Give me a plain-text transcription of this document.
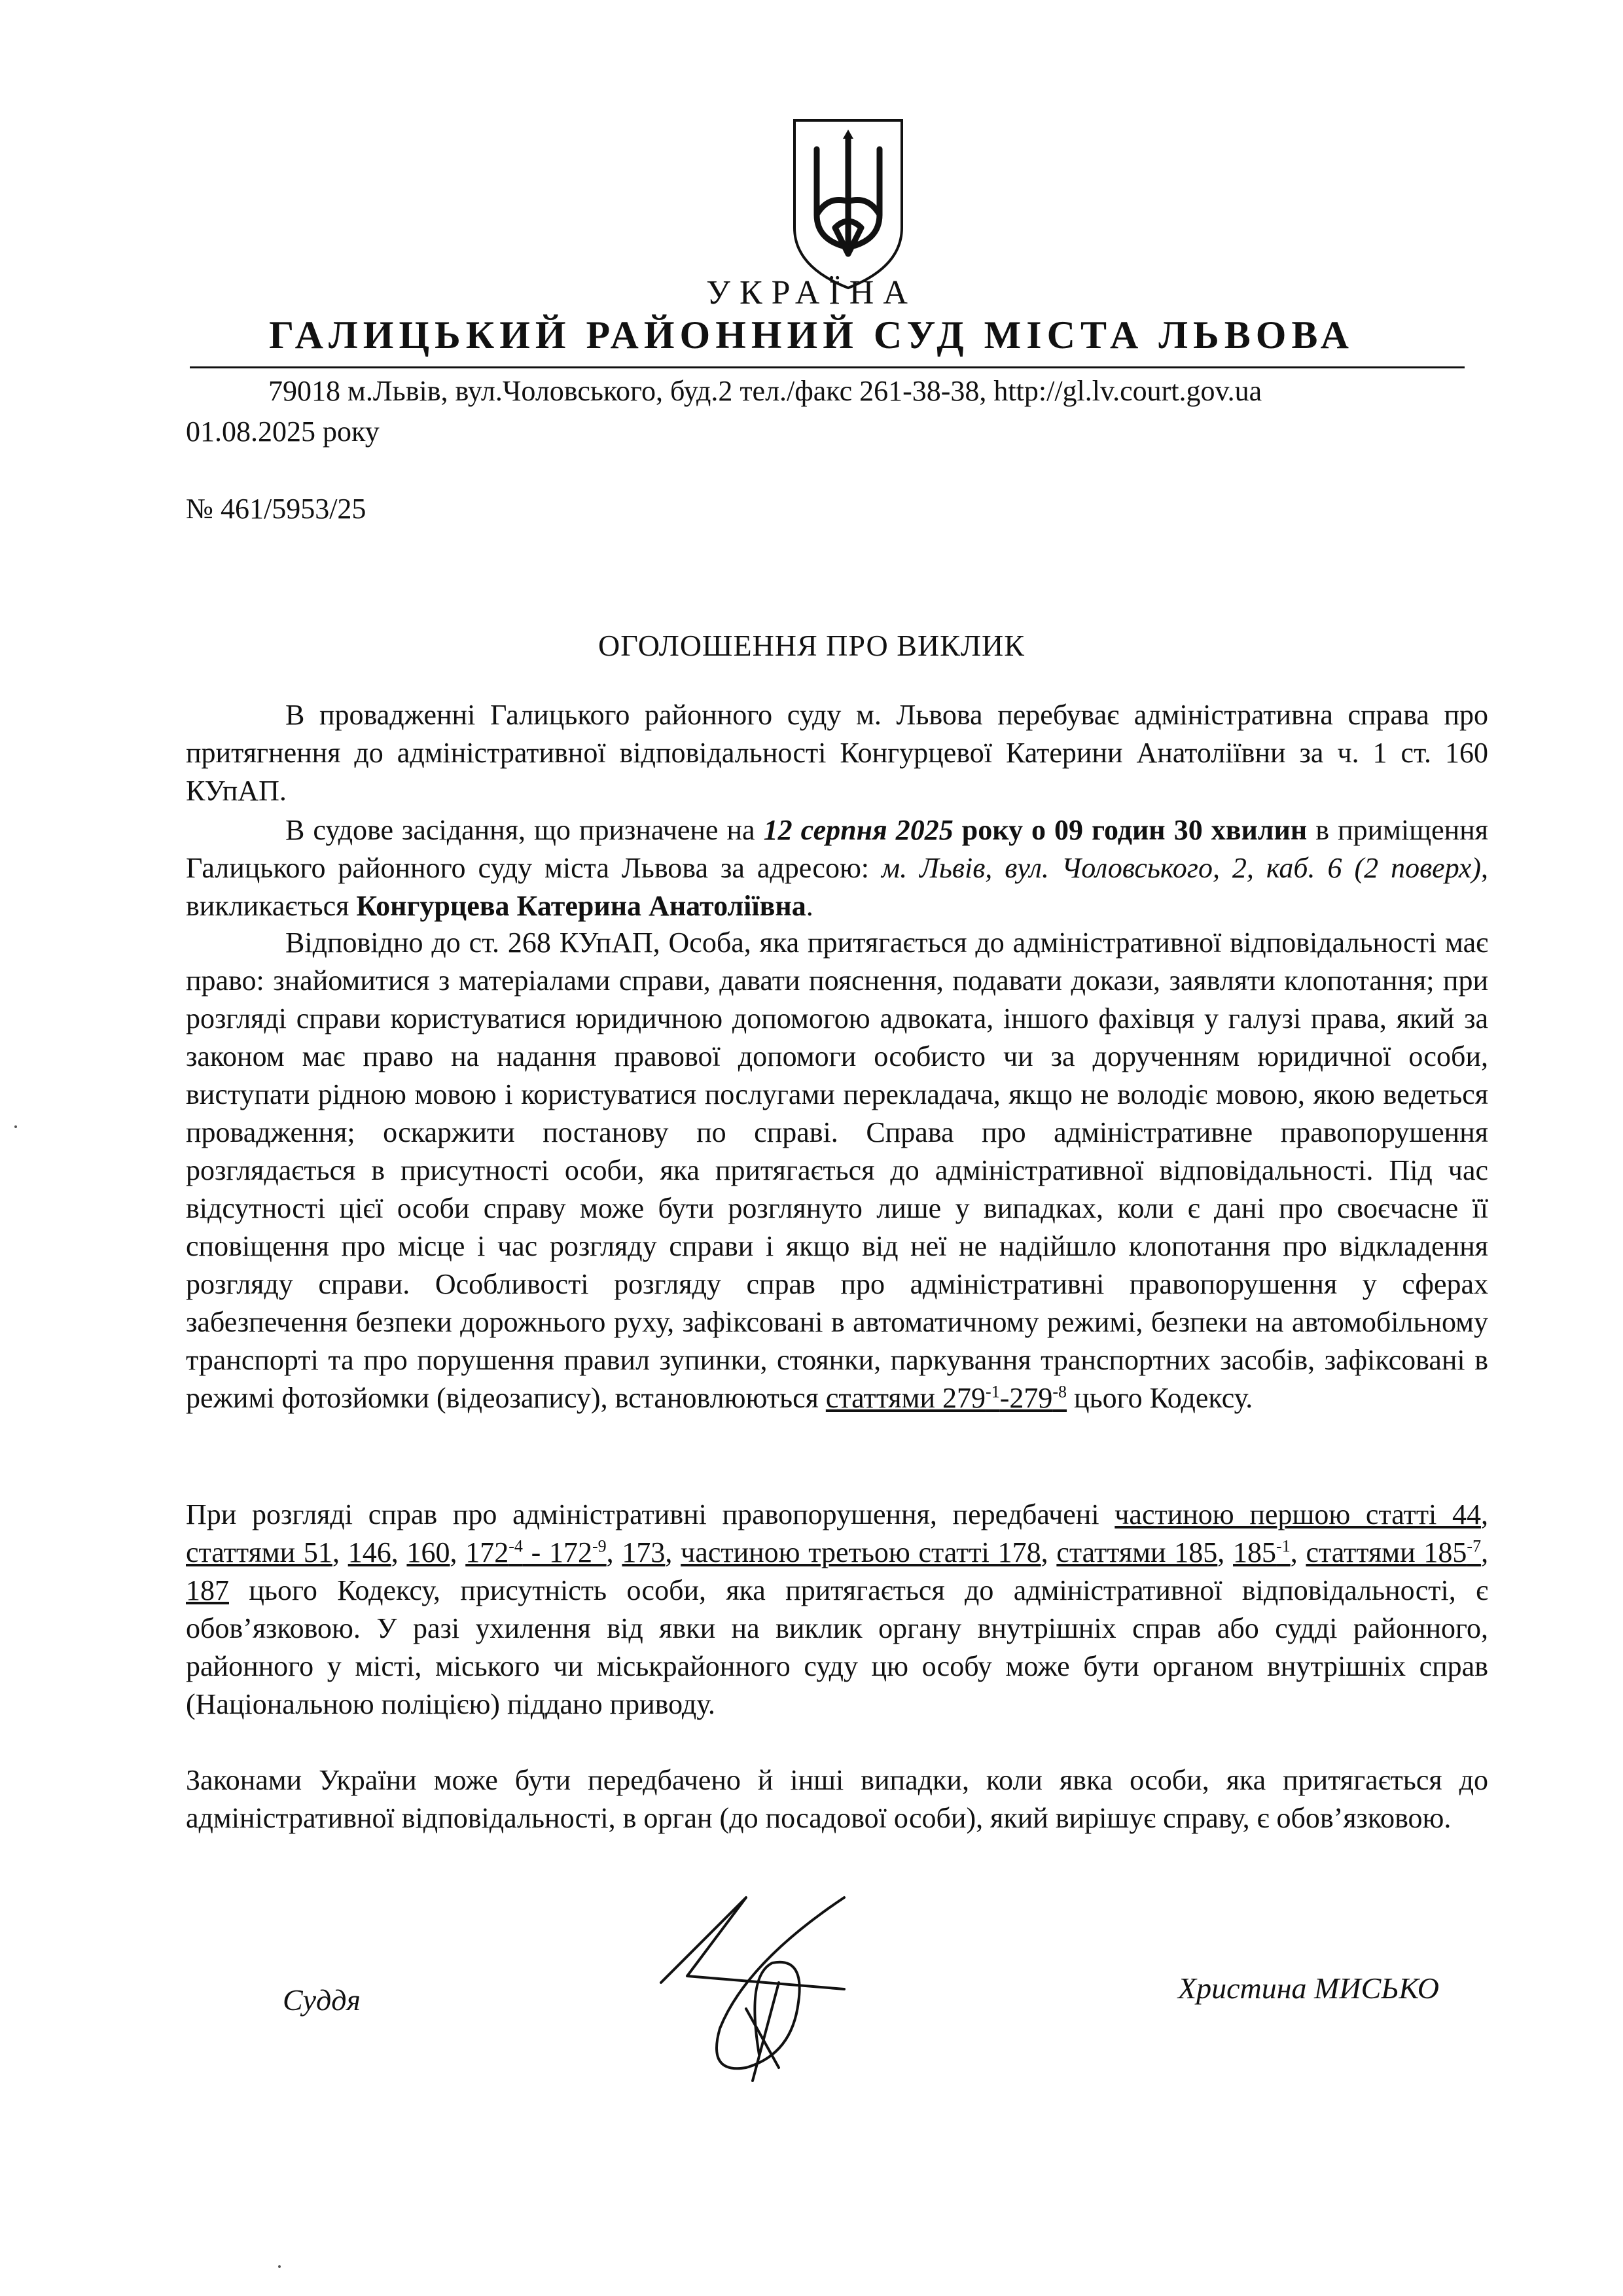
УКРАЇНА
ГАЛИЦЬКИЙ РАЙОННИЙ СУД МІСТА ЛЬВОВА
79018 м.Львів, вул.Чоловського, буд.2 тел./факс 261-38-38, http://gl.lv.court.gov.ua
01.08.2025 року
№ 461/5953/25
ОГОЛОШЕННЯ ПРО ВИКЛИК
В провадженні Галицького районного суду м. Львова перебуває адміністративна справа про притягнення до адміністративної відповідальності Конгурцевої Катерини Анатоліївни за ч. 1 ст. 160 КУпАП.
В судове засідання, що призначене на 12 серпня 2025 року о 09 годин 30 хвилин в приміщення Галицького районного суду міста Львова за адресою: м. Львів, вул. Чоловського, 2, каб. 6 (2 поверх), викликається Конгурцева Катерина Анатоліївна.
Відповідно до ст. 268 КУпАП, Особа, яка притягається до адміністративної відповідальності має право: знайомитися з матеріалами справи, давати пояснення, подавати докази, заявляти клопотання; при розгляді справи користуватися юридичною допомогою адвоката, іншого фахівця у галузі права, який за законом має право на надання правової допомоги особисто чи за дорученням юридичної особи, виступати рідною мовою і користуватися послугами перекладача, якщо не володіє мовою, якою ведеться провадження; оскаржити постанову по справі. Справа про адміністративне правопорушення розглядається в присутності особи, яка притягається до адміністративної відповідальності. Під час відсутності цієї особи справу може бути розглянуто лише у випадках, коли є дані про своєчасне її сповіщення про місце і час розгляду справи і якщо від неї не надійшло клопотання про відкладення розгляду справи. Особливості розгляду справ про адміністративні правопорушення у сферах забезпечення безпеки дорожнього руху, зафіксовані в автоматичному режимі, безпеки на автомобільному транспорті та про порушення правил зупинки, стоянки, паркування транспортних засобів, зафіксовані в режимі фотозйомки (відеозапису), встановлюються статтями $279^{-1}-279^{-8}$ цього Кодексу.
При розгляді справ про адміністративні правопорушення, передбачені частиною першою статті 44, статтями 51, 146, 160, $172^{-4} - 172^{-9}$, 173, частиною третьою статті 178, статтями 185, $185^{-1}$, статтями $185^{-7}$, 187 цього Кодексу, присутність особи, яка притягається до адміністративної відповідальності, є обов’язковою. У разі ухилення від явки на виклик органу внутрішніх справ або судді районного, районного у місті, міського чи міськрайонного суду цю особу може бути органом внутрішніх справ (Національною поліцією) піддано приводу.
Законами України може бути передбачено й інші випадки, коли явка особи, яка притягається до адміністративної відповідальності, в орган (до посадової особи), який вирішує справу, є обов’язковою.
Суддя	Христина МИСЬКО
